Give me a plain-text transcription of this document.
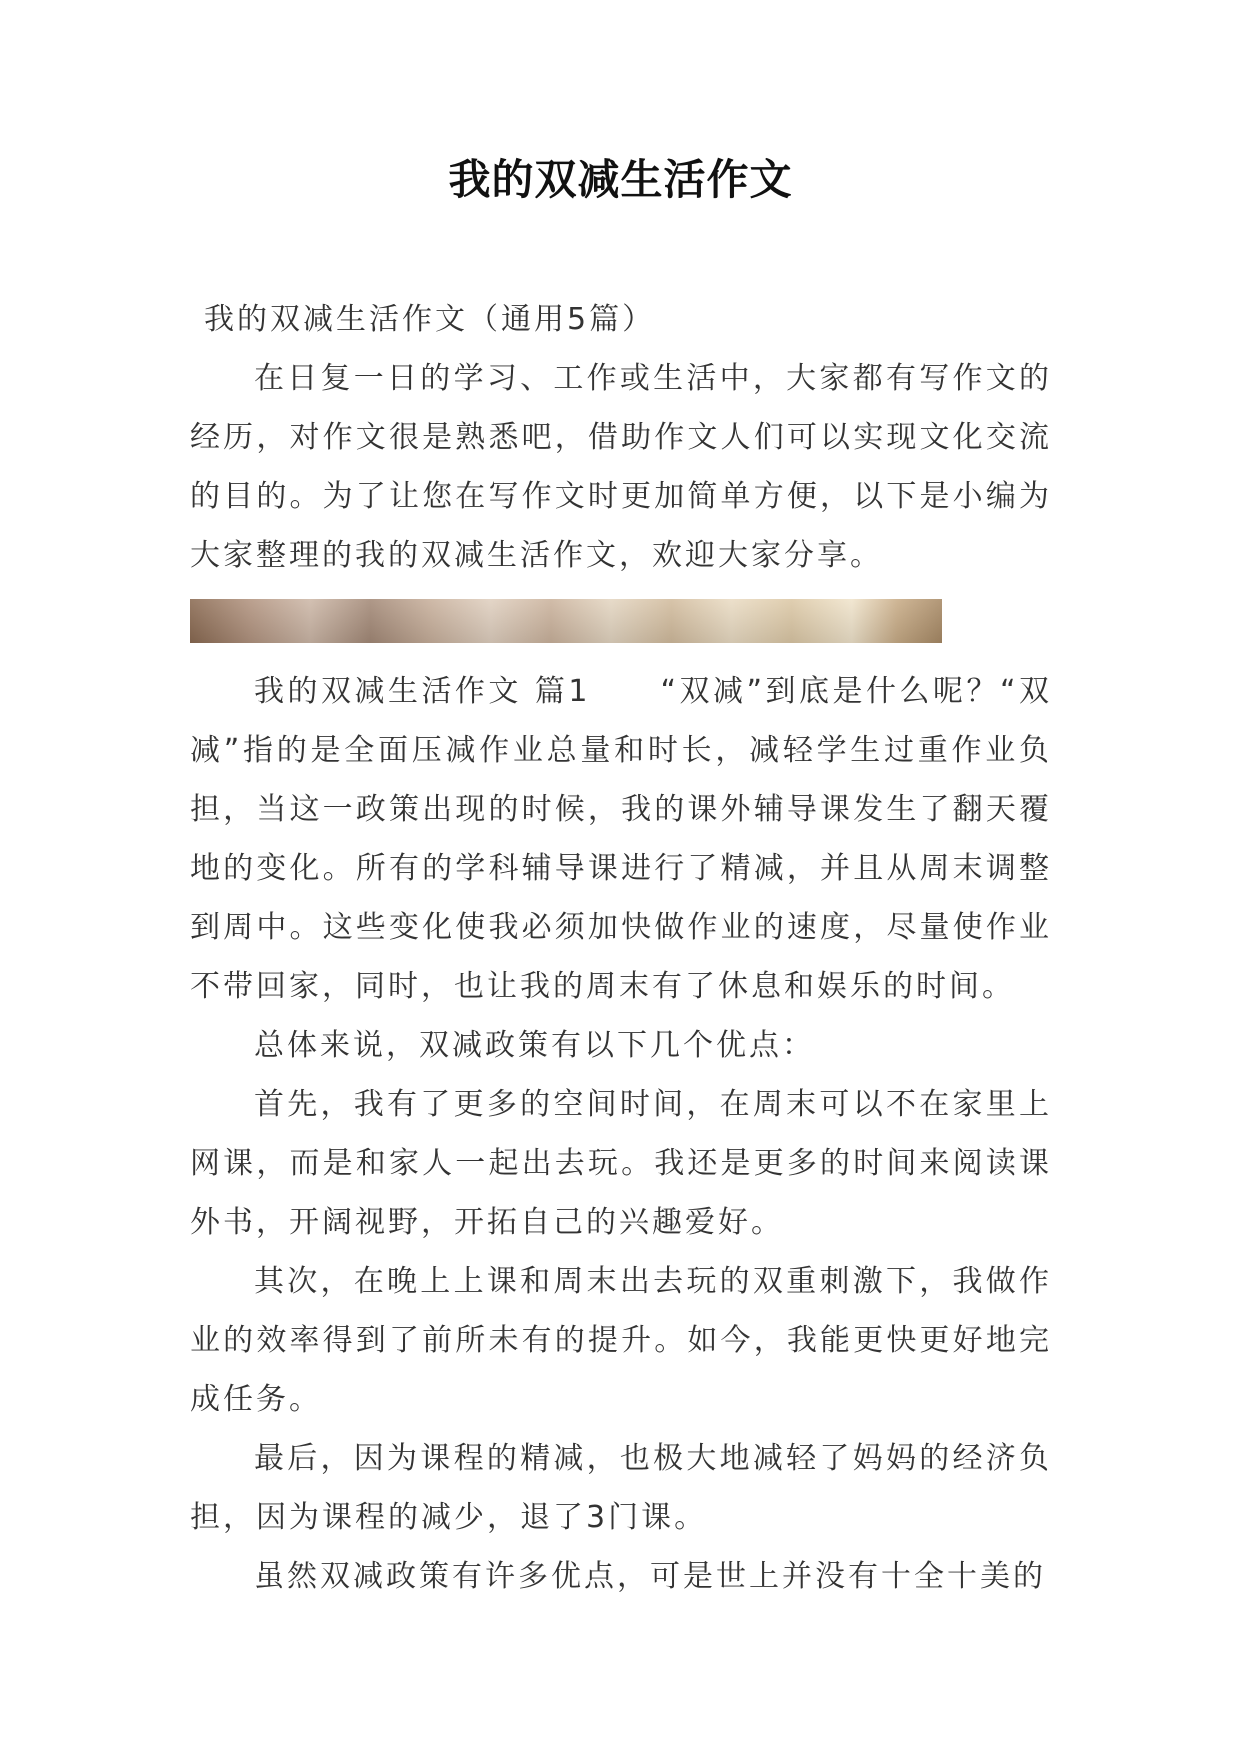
我的双减生活作文

我的双减生活作文（通用5篇）

在日复一日的学习、工作或生活中，大家都有写作文的经历，对作文很是熟悉吧，借助作文人们可以实现文化交流的目的。为了让您在写作文时更加简单方便，以下是小编为大家整理的我的双减生活作文，欢迎大家分享。

我的双减生活作文 篇1 “双减”到底是什么呢？“双减”指的是全面压减作业总量和时长，减轻学生过重作业负担，当这一政策出现的时候，我的课外辅导课发生了翻天覆地的变化。所有的学科辅导课进行了精减，并且从周末调整到周中。这些变化使我必须加快做作业的速度，尽量使作业不带回家，同时，也让我的周末有了休息和娱乐的时间。

总体来说，双减政策有以下几个优点：

首先，我有了更多的空间时间，在周末可以不在家里上网课，而是和家人一起出去玩。我还是更多的时间来阅读课外书，开阔视野，开拓自己的兴趣爱好。

其次，在晚上上课和周末出去玩的双重刺激下，我做作业的效率得到了前所未有的提升。如今，我能更快更好地完成任务。

最后，因为课程的精减，也极大地减轻了妈妈的经济负担，因为课程的减少，退了3门课。

虽然双减政策有许多优点，可是世上并没有十全十美的
